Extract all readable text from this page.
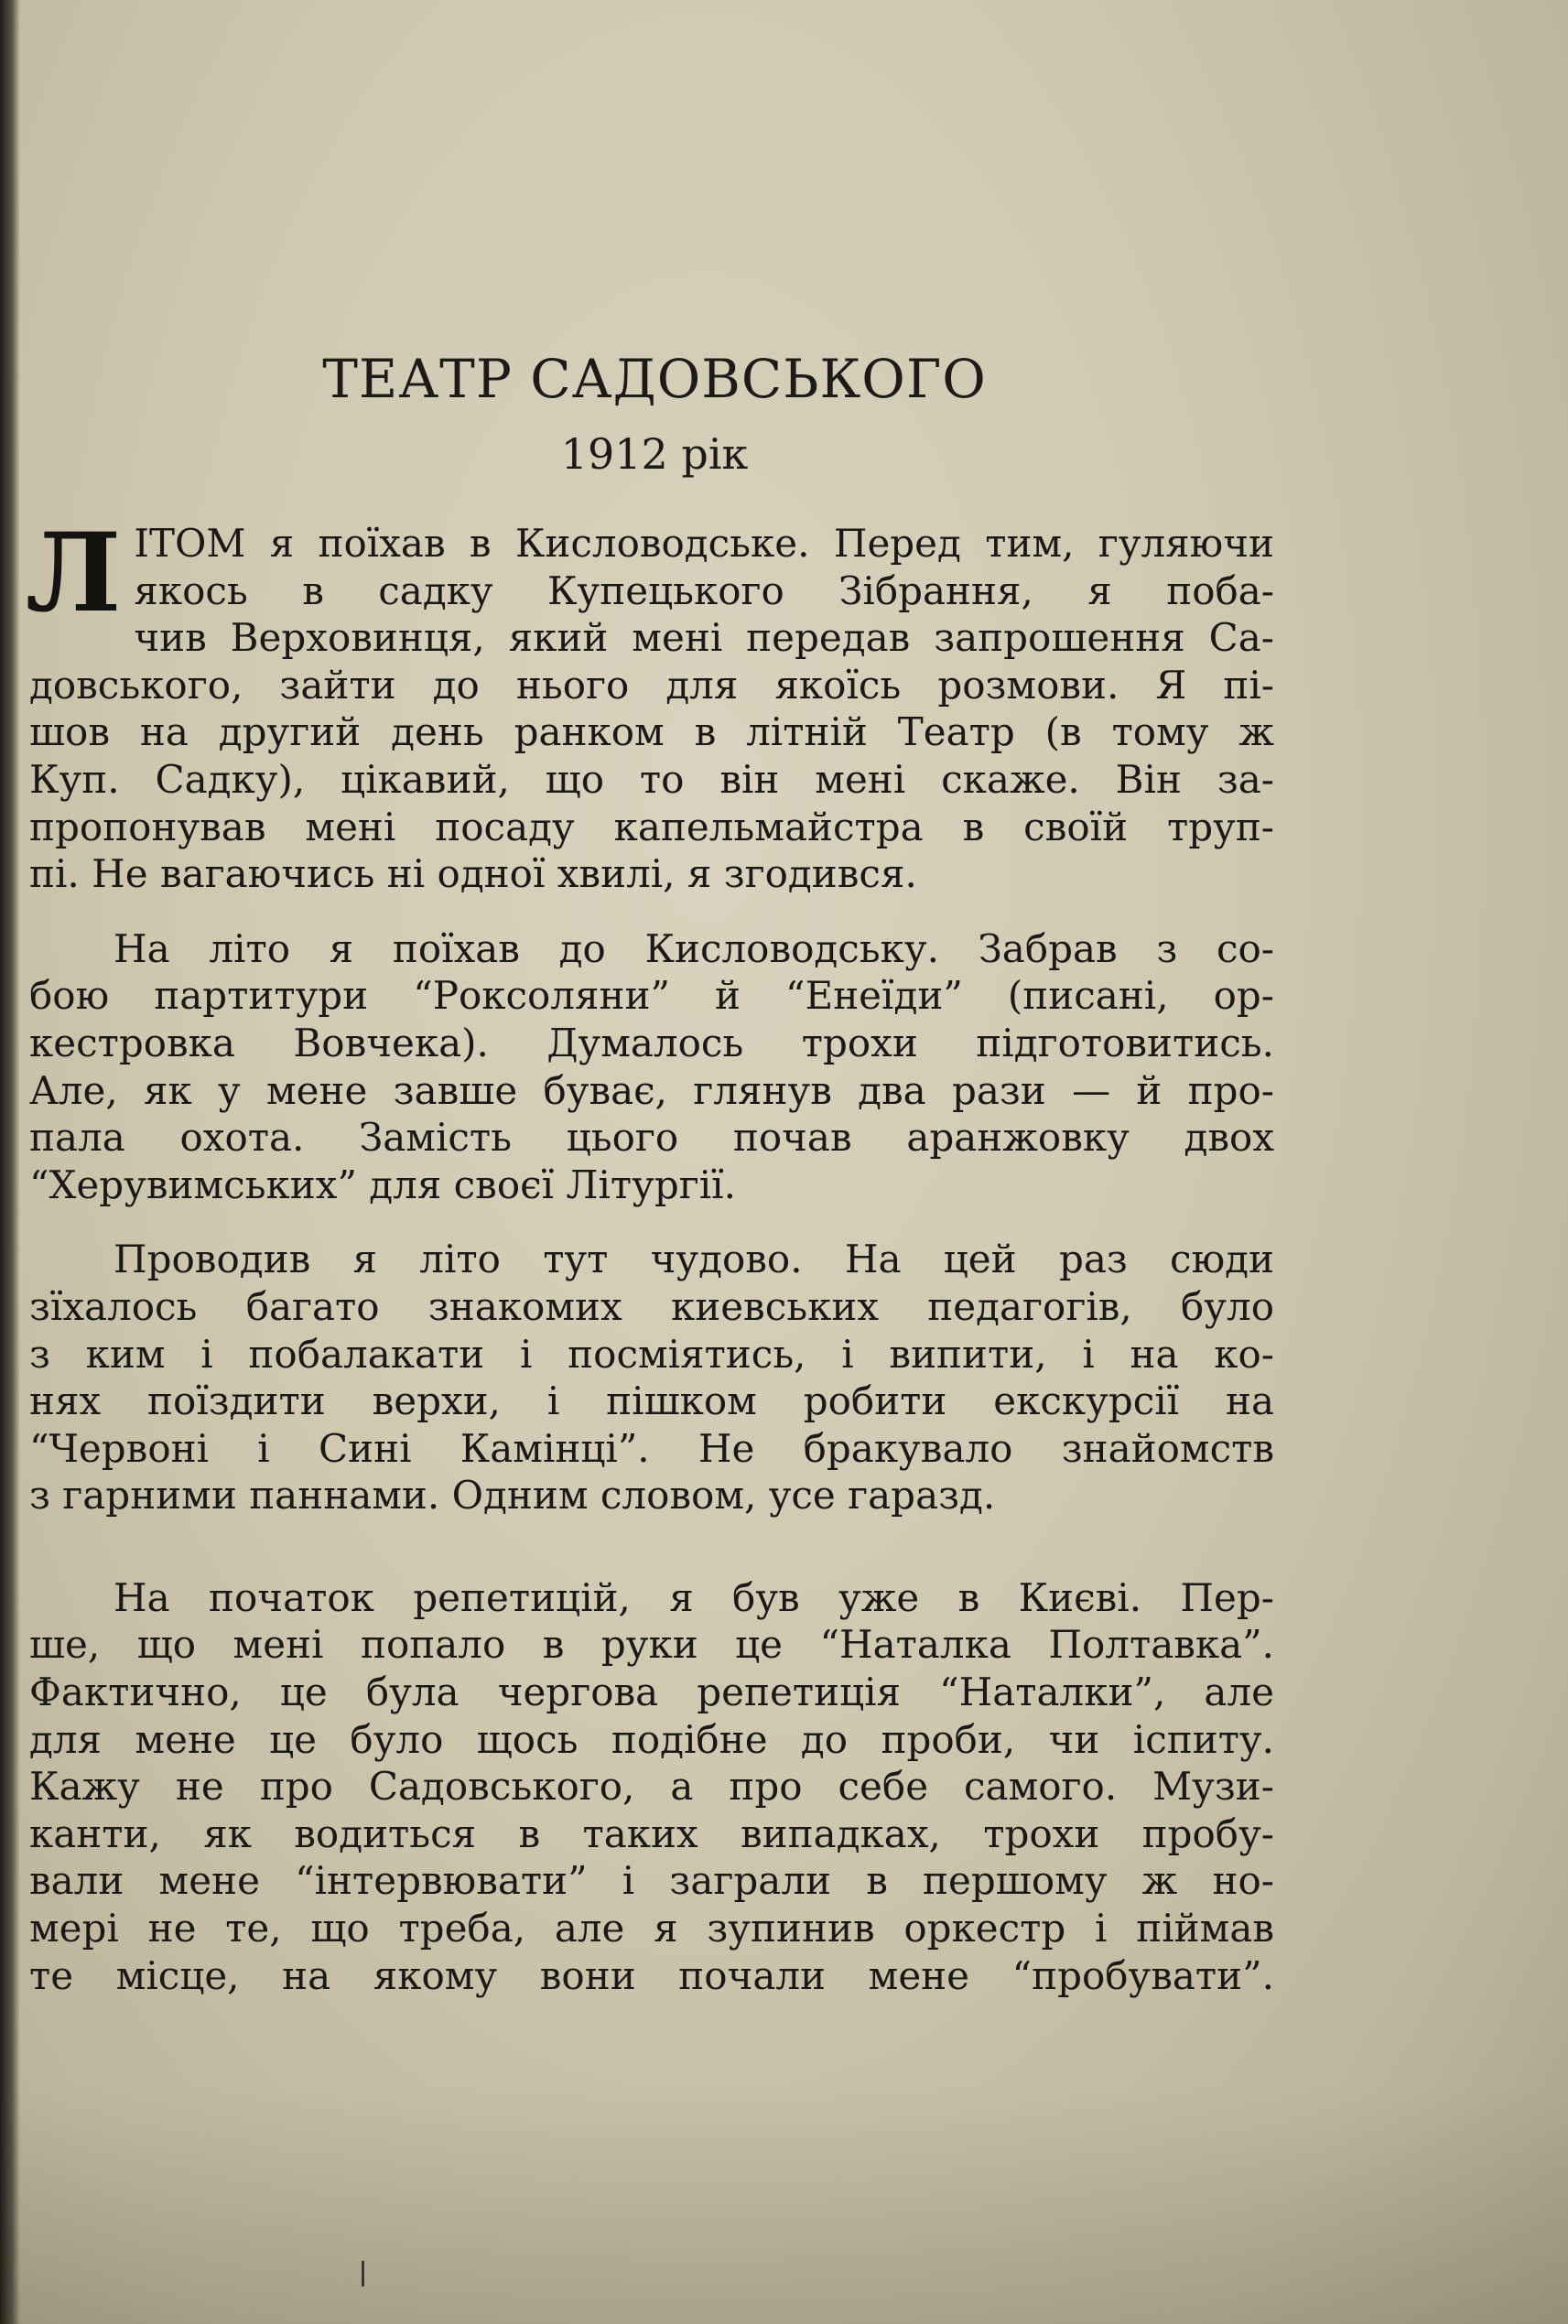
ТЕАТР САДОВСЬКОГО
1912 рік
Л ІТОМ я поїхав в Кисловодське. Перед тим, гуляючи
якось в садку Купецького Зібрання, я поба-
чив Верховинця, який мені передав запрошення Са-
довського, зайти до нього для якоїсь розмови. Я пі-
шов на другий день ранком в літній Театр (в тому ж
Куп. Садку), цікавий, що то він мені скаже. Він за-
пропонував мені посаду капельмайстра в своїй труп-
пі. Не вагаючись ні одної хвилі, я згодився.
На літо я поїхав до Кисловодську. Забрав з со-
бою партитури “Роксоляни” й “Енеїди” (писані, ор-
кестровка Вовчека). Думалось трохи підготовитись.
Але, як у мене завше буває, глянув два рази — й про-
пала охота. Замість цього почав аранжовку двох
“Херувимських” для своєї Літургії.
Проводив я літо тут чудово. На цей раз сюди
зїхалось багато знакомих киевських педагогів, було
з ким і побалакати і посміятись, і випити, і на ко-
нях поїздити верхи, і пішком робити екскурсії на
“Червоні і Сині Камінці”. Не бракувало знайомств
з гарними паннами. Одним словом, усе гаразд.
На початок репетицій, я був уже в Києві. Пер-
ше, що мені попало в руки це “Наталка Полтавка”.
Фактично, це була чергова репетиція “Наталки”, але
для мене це було щось подібне до проби, чи іспиту.
Кажу не про Садовського, а про себе самого. Музи-
канти, як водиться в таких випадках, трохи пробу-
вали мене “інтервювати” і заграли в першому ж но-
мері не те, що треба, але я зупинив оркестр і піймав
те місце, на якому вони почали мене “пробувати”.
